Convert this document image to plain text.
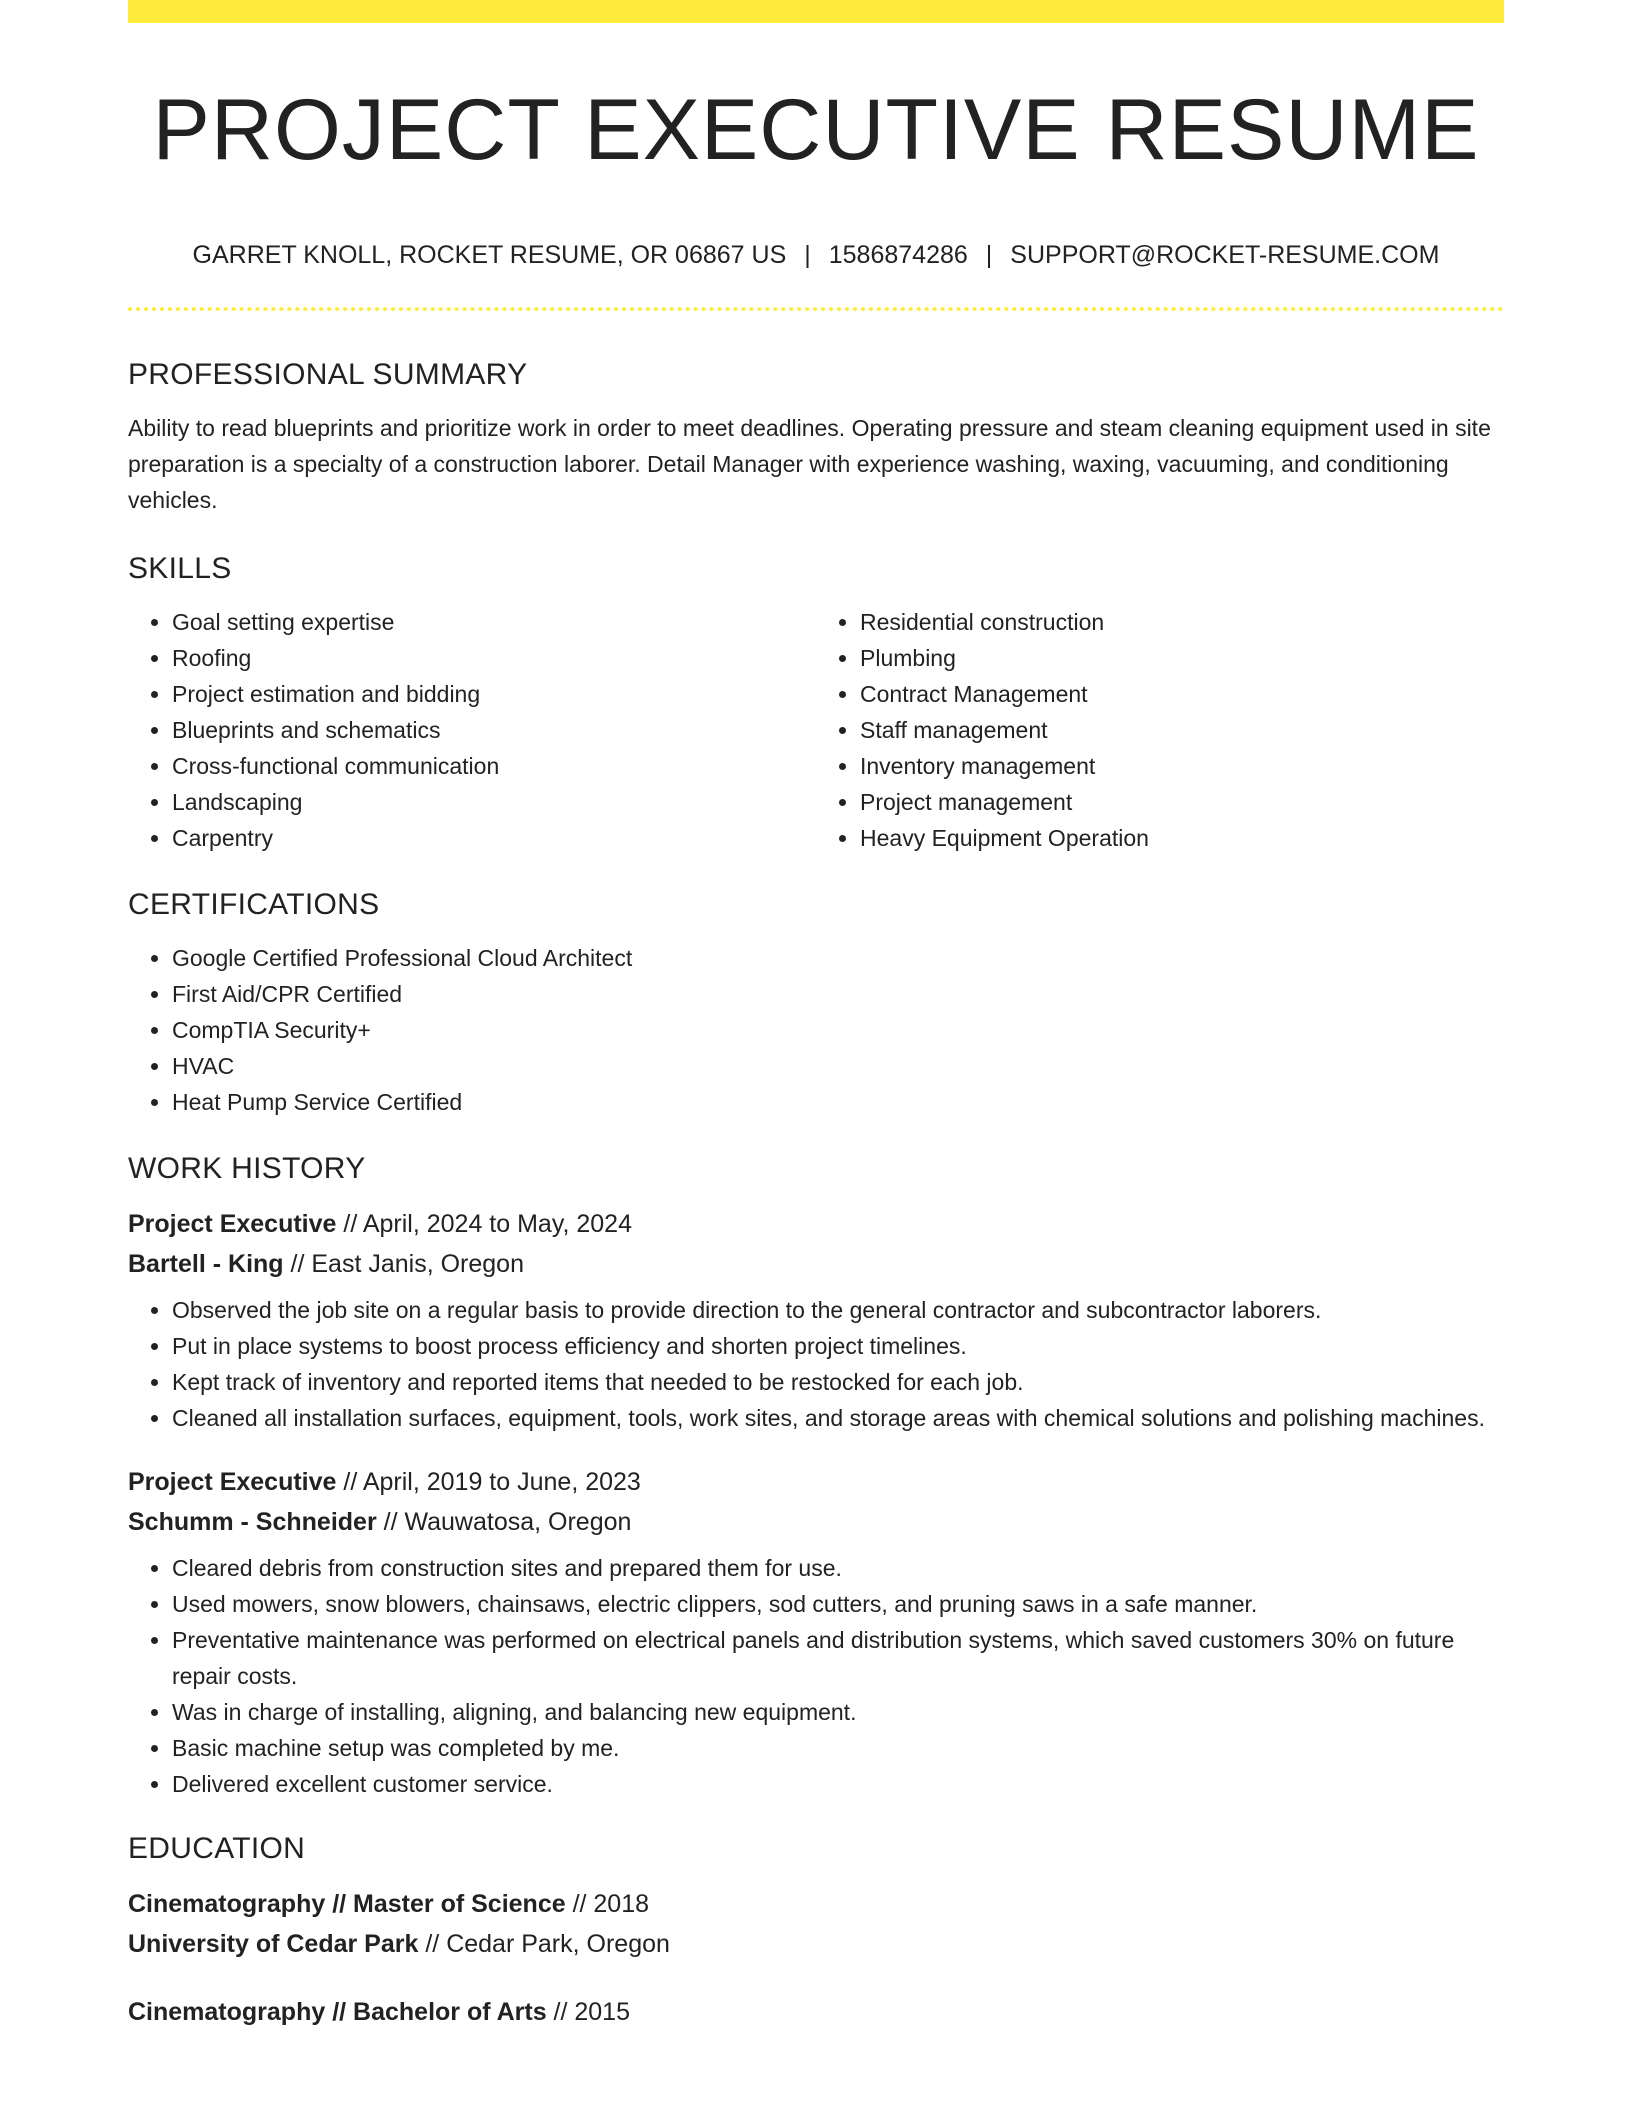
PROJECT EXECUTIVE RESUME
GARRET KNOLL, ROCKET RESUME, OR 06867 US | 1586874286 | SUPPORT@ROCKET-RESUME.COM
PROFESSIONAL SUMMARY

Ability to read blueprints and prioritize work in order to meet deadlines. Operating pressure and steam cleaning equipment used in site preparation is a specialty of a construction laborer. Detail Manager with experience washing, waxing, vacuuming, and conditioning vehicles.

SKILLS
• Goal setting expertise
• Roofing
• Project estimation and bidding
• Blueprints and schematics
• Cross-functional communication
• Landscaping
• Carpentry
• Residential construction
• Plumbing
• Contract Management
• Staff management
• Inventory management
• Project management
• Heavy Equipment Operation
CERTIFICATIONS
• Google Certified Professional Cloud Architect
• First Aid/CPR Certified
• CompTIA Security+
• HVAC
• Heat Pump Service Certified
WORK HISTORY

Project Executive // April, 2024 to May, 2024

Bartell - King // East Janis, Oregon

• Observed the job site on a regular basis to provide direction to the general contractor and subcontractor laborers.
• Put in place systems to boost process efficiency and shorten project timelines.
• Kept track of inventory and reported items that needed to be restocked for each job.
• Cleaned all installation surfaces, equipment, tools, work sites, and storage areas with chemical solutions and polishing machines.

Project Executive // April, 2019 to June, 2023

Schumm - Schneider // Wauwatosa, Oregon

• Cleared debris from construction sites and prepared them for use.
• Used mowers, snow blowers, chainsaws, electric clippers, sod cutters, and pruning saws in a safe manner.
• Preventative maintenance was performed on electrical panels and distribution systems, which saved customers 30% on future repair costs.
• Was in charge of installing, aligning, and balancing new equipment.
• Basic machine setup was completed by me.
• Delivered excellent customer service.
EDUCATION

Cinematography // Master of Science // 2018

University of Cedar Park // Cedar Park, Oregon

Cinematography // Bachelor of Arts // 2015
